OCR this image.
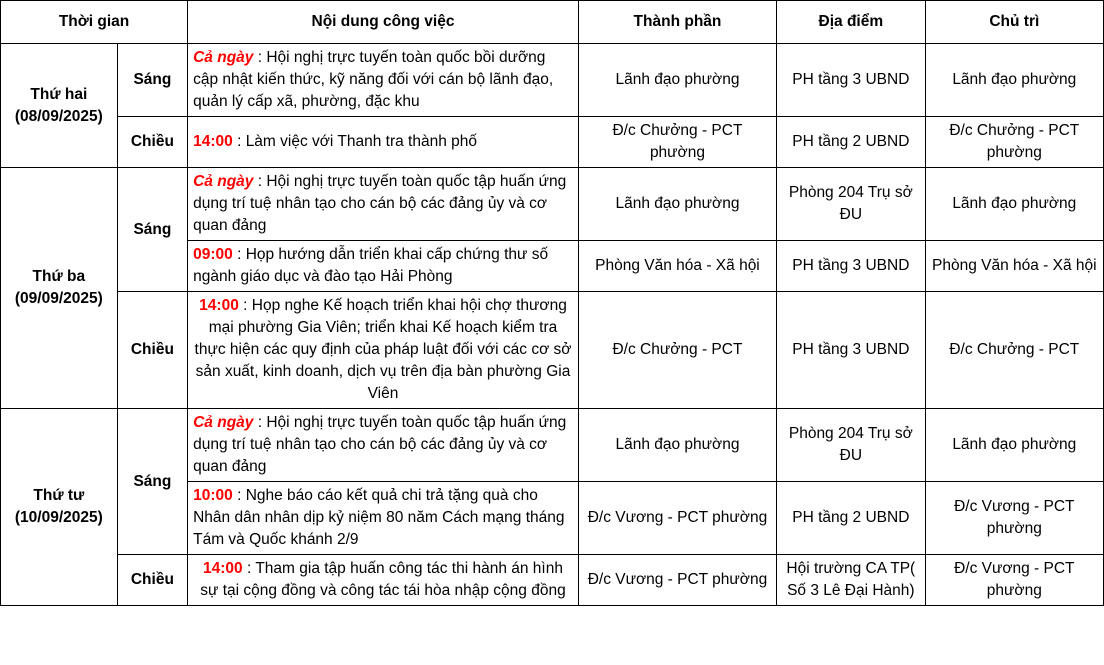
Thời gian		Nội dung công việc	Thành phần	Địa điểm	Chủ trì

Thứ hai
(08/09/2025)	Sáng	Cả ngày : Hội nghị trực tuyến toàn quốc bồi dưỡng cập nhật kiến thức, kỹ năng đối với cán bộ lãnh đạo, quản lý cấp xã, phường, đặc khu	Lãnh đạo phường	PH tầng 3 UBND	Lãnh đạo phường
	Chiều	14:00 : Làm việc với Thanh tra thành phố	Đ/c Chưởng - PCT phường	PH tầng 2 UBND	Đ/c Chưởng - PCT phường

Thứ ba
(09/09/2025)	Sáng	Cả ngày : Hội nghị trực tuyến toàn quốc tập huấn ứng dụng trí tuệ nhân tạo cho cán bộ các đảng ủy và cơ quan đảng	Lãnh đạo phường	Phòng 204 Trụ sở ĐU	Lãnh đạo phường
		09:00 : Họp hướng dẫn triển khai cấp chứng thư số ngành giáo dục và đào tạo Hải Phòng	Phòng Văn hóa - Xã hội	PH tầng 3 UBND	Phòng Văn hóa - Xã hội
	Chiều	14:00 : Họp nghe Kế hoạch triển khai hội chợ thương mại phường Gia Viên; triển khai Kế hoạch kiểm tra thực hiện các quy định của pháp luật đối với các cơ sở sản xuất, kinh doanh, dịch vụ trên địa bàn phường Gia Viên	Đ/c Chưởng - PCT	PH tầng 3 UBND	Đ/c Chưởng - PCT

Thứ tư
(10/09/2025)	Sáng	Cả ngày : Hội nghị trực tuyến toàn quốc tập huấn ứng dụng trí tuệ nhân tạo cho cán bộ các đảng ủy và cơ quan đảng	Lãnh đạo phường	Phòng 204 Trụ sở ĐU	Lãnh đạo phường
		10:00 : Nghe báo cáo kết quả chi trả tặng quà cho Nhân dân nhân dịp kỷ niệm 80 năm Cách mạng tháng Tám và Quốc khánh 2/9	Đ/c Vương - PCT phường	PH tầng 2 UBND	Đ/c Vương - PCT phường
	Chiều	14:00 : Tham gia tập huấn công tác thi hành án hình sự tại cộng đồng và công tác tái hòa nhập cộng đồng	Đ/c Vương - PCT phường	Hội trường CA TP( Số 3 Lê Đại Hành)	Đ/c Vương - PCT phường
